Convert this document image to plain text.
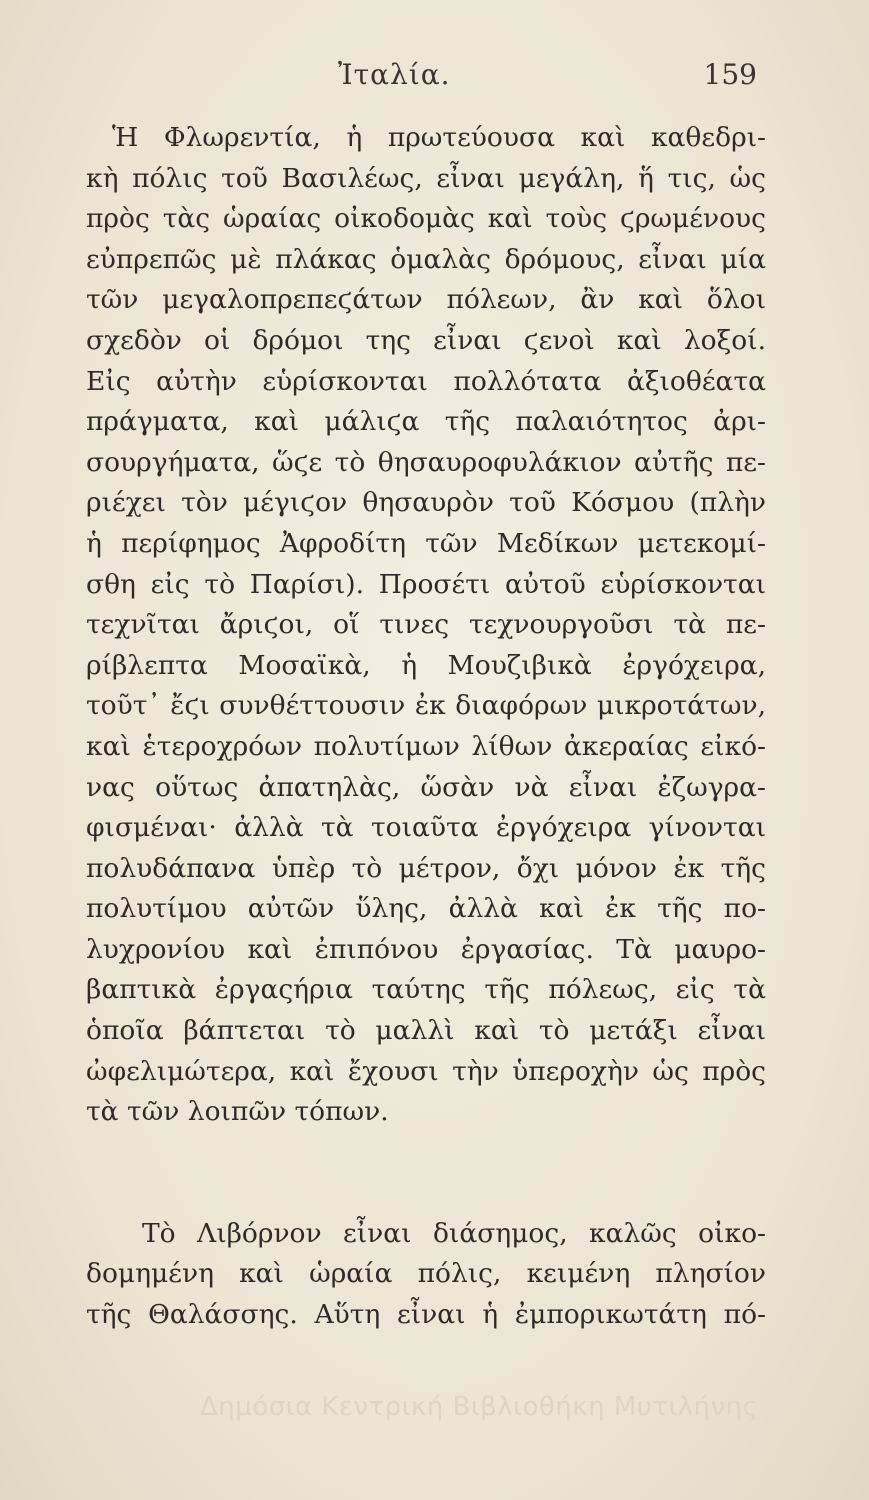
Ἰταλία.	159
Ἡ Φλωρεντία, ἡ πρωτεύουσα καὶ καθεδρι-
κὴ πόλις τοῦ Βασιλέως, εἶναι μεγάλη, ἥ τις, ὡς
πρὸς τὰς ὡραίας οἰκοδομὰς καὶ τοὺς ϛρωμένους
εὐπρεπῶς μὲ πλάκας ὁμαλὰς δρόμους, εἶναι μία
τῶν μεγαλοπρεπεϛάτων πόλεων, ἂν καὶ ὅλοι
σχεδὸν οἱ δρόμοι της εἶναι ϛενοὶ καὶ λοξοί.
Εἰς αὐτὴν εὑρίσκονται πολλότατα ἀξιοθέατα
πράγματα, καὶ μάλιϛα τῆς παλαιότητος ἀρι-
σουργήματα, ὥϛε τὸ θησαυροφυλάκιον αὐτῆς πε-
ριέχει τὸν μέγιϛον θησαυρὸν τοῦ Κόσμου (πλὴν
ἡ περίφημος Ἀφροδίτη τῶν Μεδίκων μετεκομί-
σθη εἰς τὸ Παρίσι). Προσέτι αὐτοῦ εὑρίσκονται
τεχνῖται ἄριϛοι, οἵ τινες τεχνουργοῦσι τὰ πε-
ρίβλεπτα Μοσαϊκὰ, ἡ Μουζιβικὰ ἐργόχειρα,
τοῦτ᾽ ἔϛι συνθέττουσιν ἐκ διαφόρων μικροτάτων,
καὶ ἑτεροχρόων πολυτίμων λίθων ἀκεραίας εἰκό-
νας οὕτως ἀπατηλὰς, ὥσὰν νὰ εἶναι ἐζωγρα-
φισμέναι· ἀλλὰ τὰ τοιαῦτα ἐργόχειρα γίνονται
πολυδάπανα ὑπὲρ τὸ μέτρον, ὄχι μόνον ἐκ τῆς
πολυτίμου αὐτῶν ὕλης, ἀλλὰ καὶ ἐκ τῆς πο-
λυχρονίου καὶ ἐπιπόνου ἐργασίας. Τὰ μαυρο-
βαπτικὰ ἐργαςήρια ταύτης τῆς πόλεως, εἰς τὰ
ὁποῖα βάπτεται τὸ μαλλὶ καὶ τὸ μετάξι εἶναι
ὠφελιμώτερα, καὶ ἔχουσι τὴν ὑπεροχὴν ὡς πρὸς
τὰ τῶν λοιπῶν τόπων.
Τὸ Λιβόρνον εἶναι διάσημος, καλῶς οἰκο-
δομημένη καὶ ὡραία πόλις, κειμένη πλησίον
τῆς Θαλάσσης. Αὕτη εἶναι ἡ ἐμπορικωτάτη πό-
Δημόσια Κεντρική Βιβλιοθήκη Μυτιλήνης
